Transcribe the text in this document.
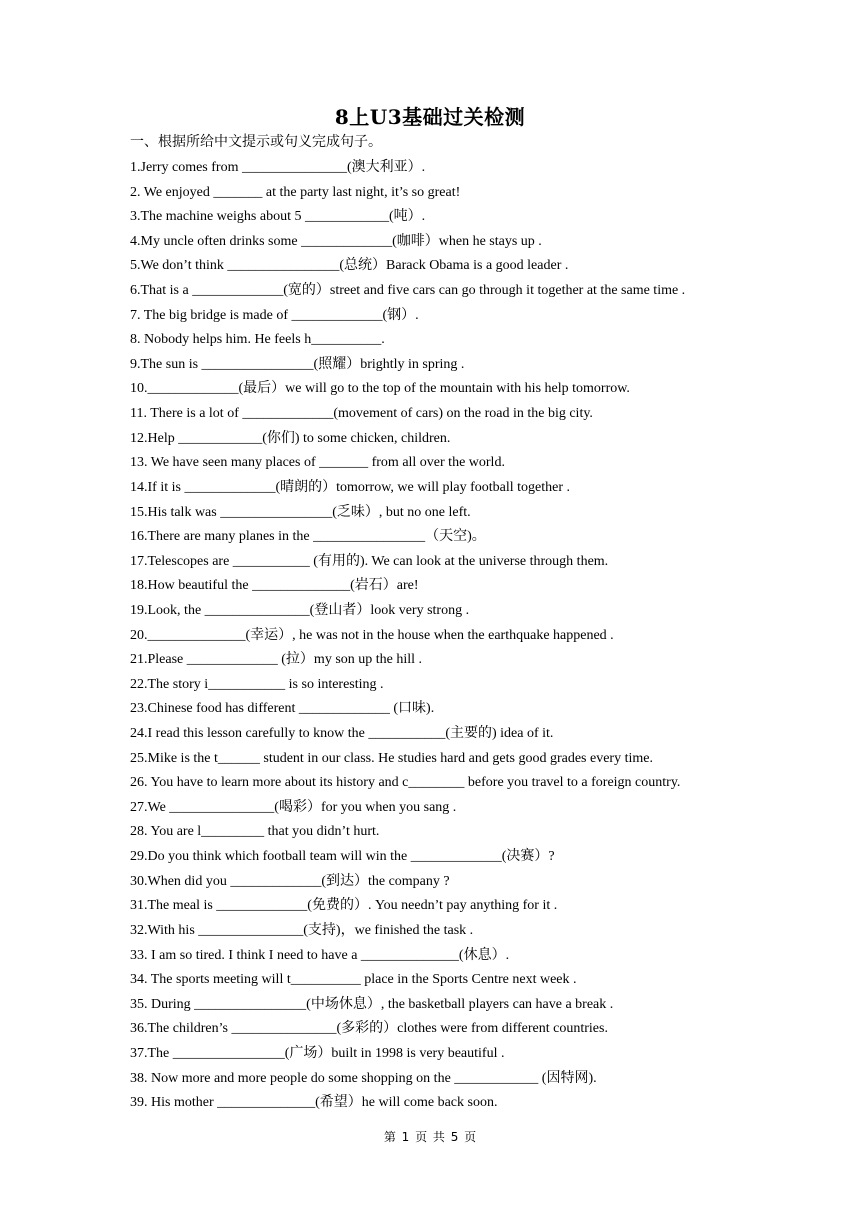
8上U3基础过关检测
一、根据所给中文提示或句义完成句子。
1.Jerry comes from _______________(澳大利亚）.
2. We enjoyed _______ at the party last night, it’s so great!
3.The machine weighs about 5 ____________(吨）.
4.My uncle often drinks some _____________(咖啡）when he stays up .
5.We don’t think ________________(总统）Barack Obama is a good leader .
6.That is a _____________(宽的）street and five cars can go through it together at the same time .
7. The big bridge is made of _____________(钢）.
8. Nobody helps him. He feels h__________.
9.The sun is ________________(照耀）brightly in spring .
10._____________(最后）we will go to the top of the mountain with his help tomorrow.
11. There is a lot of _____________(movement of cars) on the road in the big city.
12.Help ____________(你们) to some chicken, children.
13. We have seen many places of _______ from all over the world.
14.If it is _____________(晴朗的）tomorrow, we will play football together .
15.His talk was ________________(乏味）, but no one left.
16.There are many planes in the ________________（天空)。
17.Telescopes are ___________ (有用的). We can look at the universe through them.
18.How beautiful the ______________(岩石）are!
19.Look, the _______________(登山者）look very strong .
20.______________(幸运）, he was not in the house when the earthquake happened .
21.Please _____________ (拉）my son up the hill .
22.The story i___________ is so interesting .
23.Chinese food has different _____________ (口味).
24.I read this lesson carefully to know the ___________(主要的) idea of it.
25.Mike is the t______ student in our class. He studies hard and gets good grades every time.
26. You have to learn more about its history and c________ before you travel to a foreign country.
27.We _______________(喝彩）for you when you sang .
28. You are l_________ that you didn’t hurt.
29.Do you think which football team will win the _____________(决赛）?
30.When did you _____________(到达）the company ?
31.The meal is _____________(免费的）. You needn’t pay anything for it .
32.With his _______________(支持)，we finished the task .
33. I am so tired. I think I need to have a ______________(休息）.
34. The sports meeting will t__________ place in the Sports Centre next week .
35. During ________________(中场休息）, the basketball players can have a break .
36.The children’s _______________(多彩的）clothes were from different countries.
37.The ________________(广场）built in 1998 is very beautiful .
38. Now more and more people do some shopping on the ____________ (因特网).
39. His mother ______________(希望）he will come back soon.
第 1 页 共 5 页
